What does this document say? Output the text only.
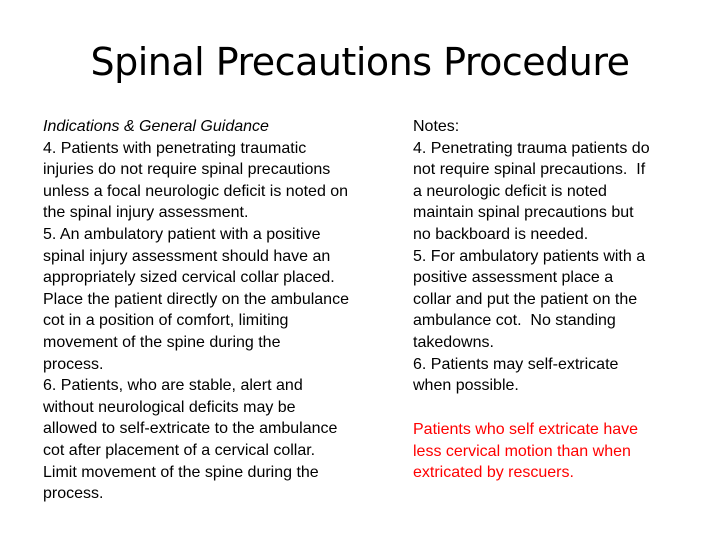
Spinal Precautions Procedure
Indications & General Guidance
4. Patients with penetrating traumatic
injuries do not require spinal precautions
unless a focal neurologic deficit is noted on
the spinal injury assessment.
5. An ambulatory patient with a positive
spinal injury assessment should have an
appropriately sized cervical collar placed.
Place the patient directly on the ambulance
cot in a position of comfort, limiting
movement of the spine during the
process.
6. Patients, who are stable, alert and
without neurological deficits may be
allowed to self-extricate to the ambulance
cot after placement of a cervical collar.
Limit movement of the spine during the
process.
Notes:
4. Penetrating trauma patients do
not require spinal precautions.  If
a neurologic deficit is noted
maintain spinal precautions but
no backboard is needed.
5. For ambulatory patients with a
positive assessment place a
collar and put the patient on the
ambulance cot.  No standing
takedowns.
6. Patients may self-extricate
when possible.
Patients who self extricate have
less cervical motion than when
extricated by rescuers.
